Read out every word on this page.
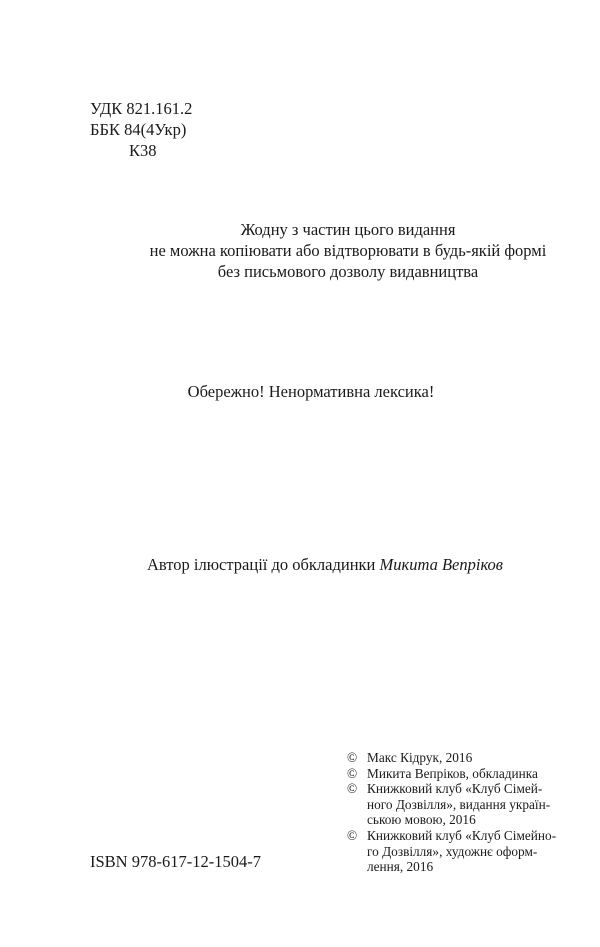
УДК 821.161.2
ББК 84(4Укр)
К38
Жодну з частин цього видання
не можна копіювати або відтворювати в будь-якій формі
без письмового дозволу видавництва
Обережно! Ненормативна лексика!
Автор ілюстрації до обкладинки Микита Вепріков
© Макс Кідрук, 2016
© Микита Вепріков, обкладинка
© Книжковий клуб «Клуб Сімей-
ного Дозвілля», видання україн-
ською мовою, 2016
© Книжковий клуб «Клуб Сімейно-
го Дозвілля», художнє оформ-
лення, 2016
ISBN 978-617-12-1504-7
